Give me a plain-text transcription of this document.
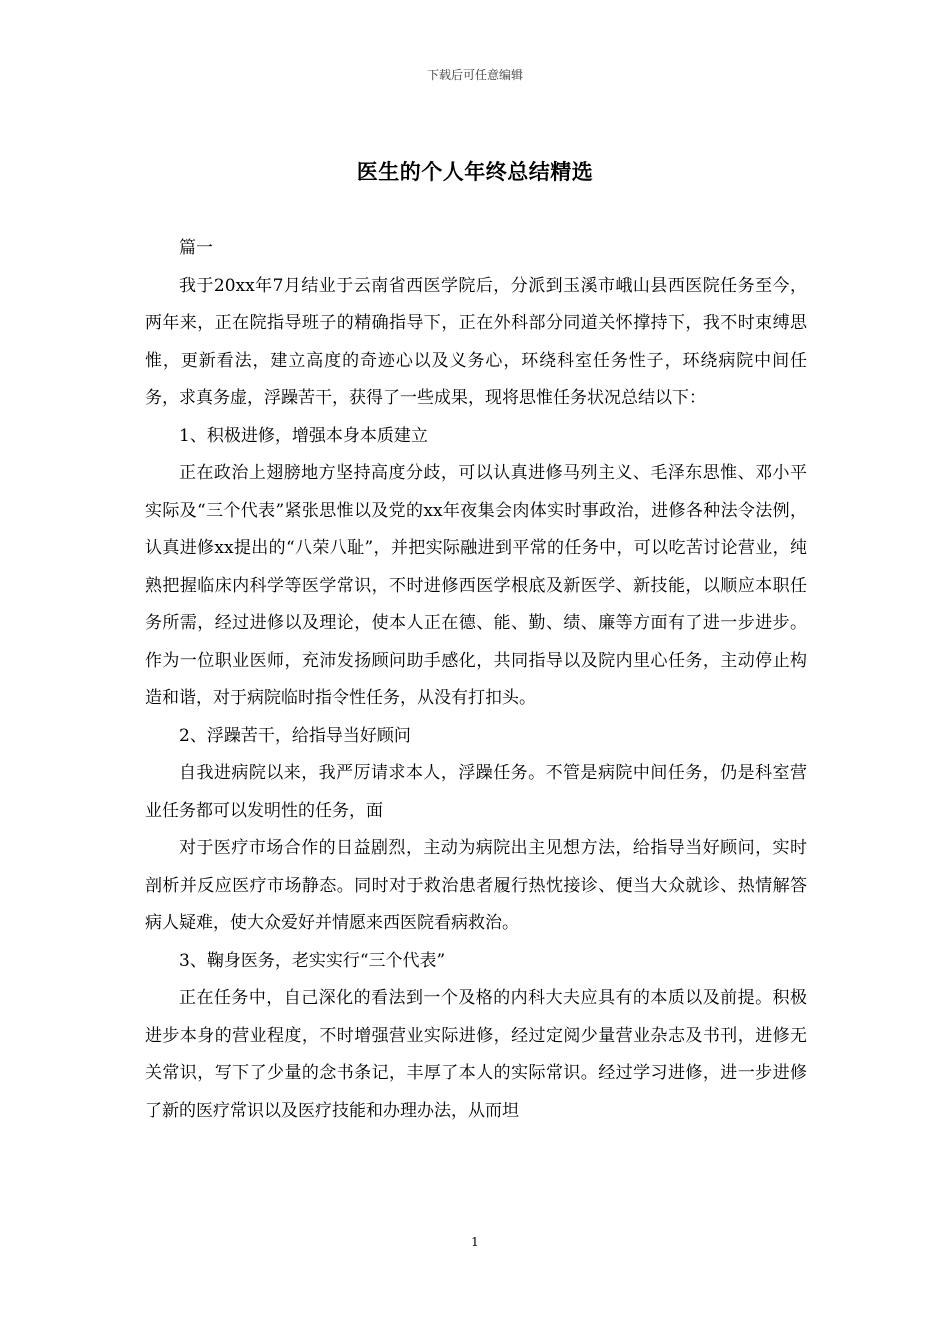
下载后可任意编辑
医生的个人年终总结精选

篇一

我于20xx年7月结业于云南省西医学院后，分派到玉溪市峨山县西医院任务至今，两年来，正在院指导班子的精确指导下，正在外科部分同道关怀撑持下，我不时束缚思惟，更新看法，建立高度的奇迹心以及义务心，环绕科室任务性子，环绕病院中间任务，求真务虚，浮躁苦干，获得了一些成果，现将思惟任务状况总结以下：

1、积极进修，增强本身本质建立

正在政治上翅膀地方坚持高度分歧，可以认真进修马列主义、毛泽东思惟、邓小平实际及“三个代表”紧张思惟以及党的xx年夜集会肉体实时事政治，进修各种法令法例，认真进修xx提出的“八荣八耻”，并把实际融进到平常的任务中，可以吃苦讨论营业，纯熟把握临床内科学等医学常识，不时进修西医学根底及新医学、新技能，以顺应本职任务所需，经过进修以及理论，使本人正在德、能、勤、绩、廉等方面有了进一步进步。作为一位职业医师，充沛发扬顾问助手感化，共同指导以及院内里心任务，主动停止构造和谐，对于病院临时指令性任务，从没有打扣头。

2、浮躁苦干，给指导当好顾问

自我进病院以来，我严厉请求本人，浮躁任务。不管是病院中间任务，仍是科室营业任务都可以发明性的任务，面

对于医疗市场合作的日益剧烈，主动为病院出主见想方法，给指导当好顾问，实时剖析并反应医疗市场静态。同时对于救治患者履行热忱接诊、便当大众就诊、热情解答病人疑难，使大众爱好并情愿来西医院看病救治。

3、鞠身医务，老实实行“三个代表”

正在任务中，自己深化的看法到一个及格的内科大夫应具有的本质以及前提。积极进步本身的营业程度，不时增强营业实际进修，经过定阅少量营业杂志及书刊，进修无关常识，写下了少量的念书条记，丰厚了本人的实际常识。经过学习进修，进一步进修了新的医疗常识以及医疗技能和办理办法，从而坦

1
